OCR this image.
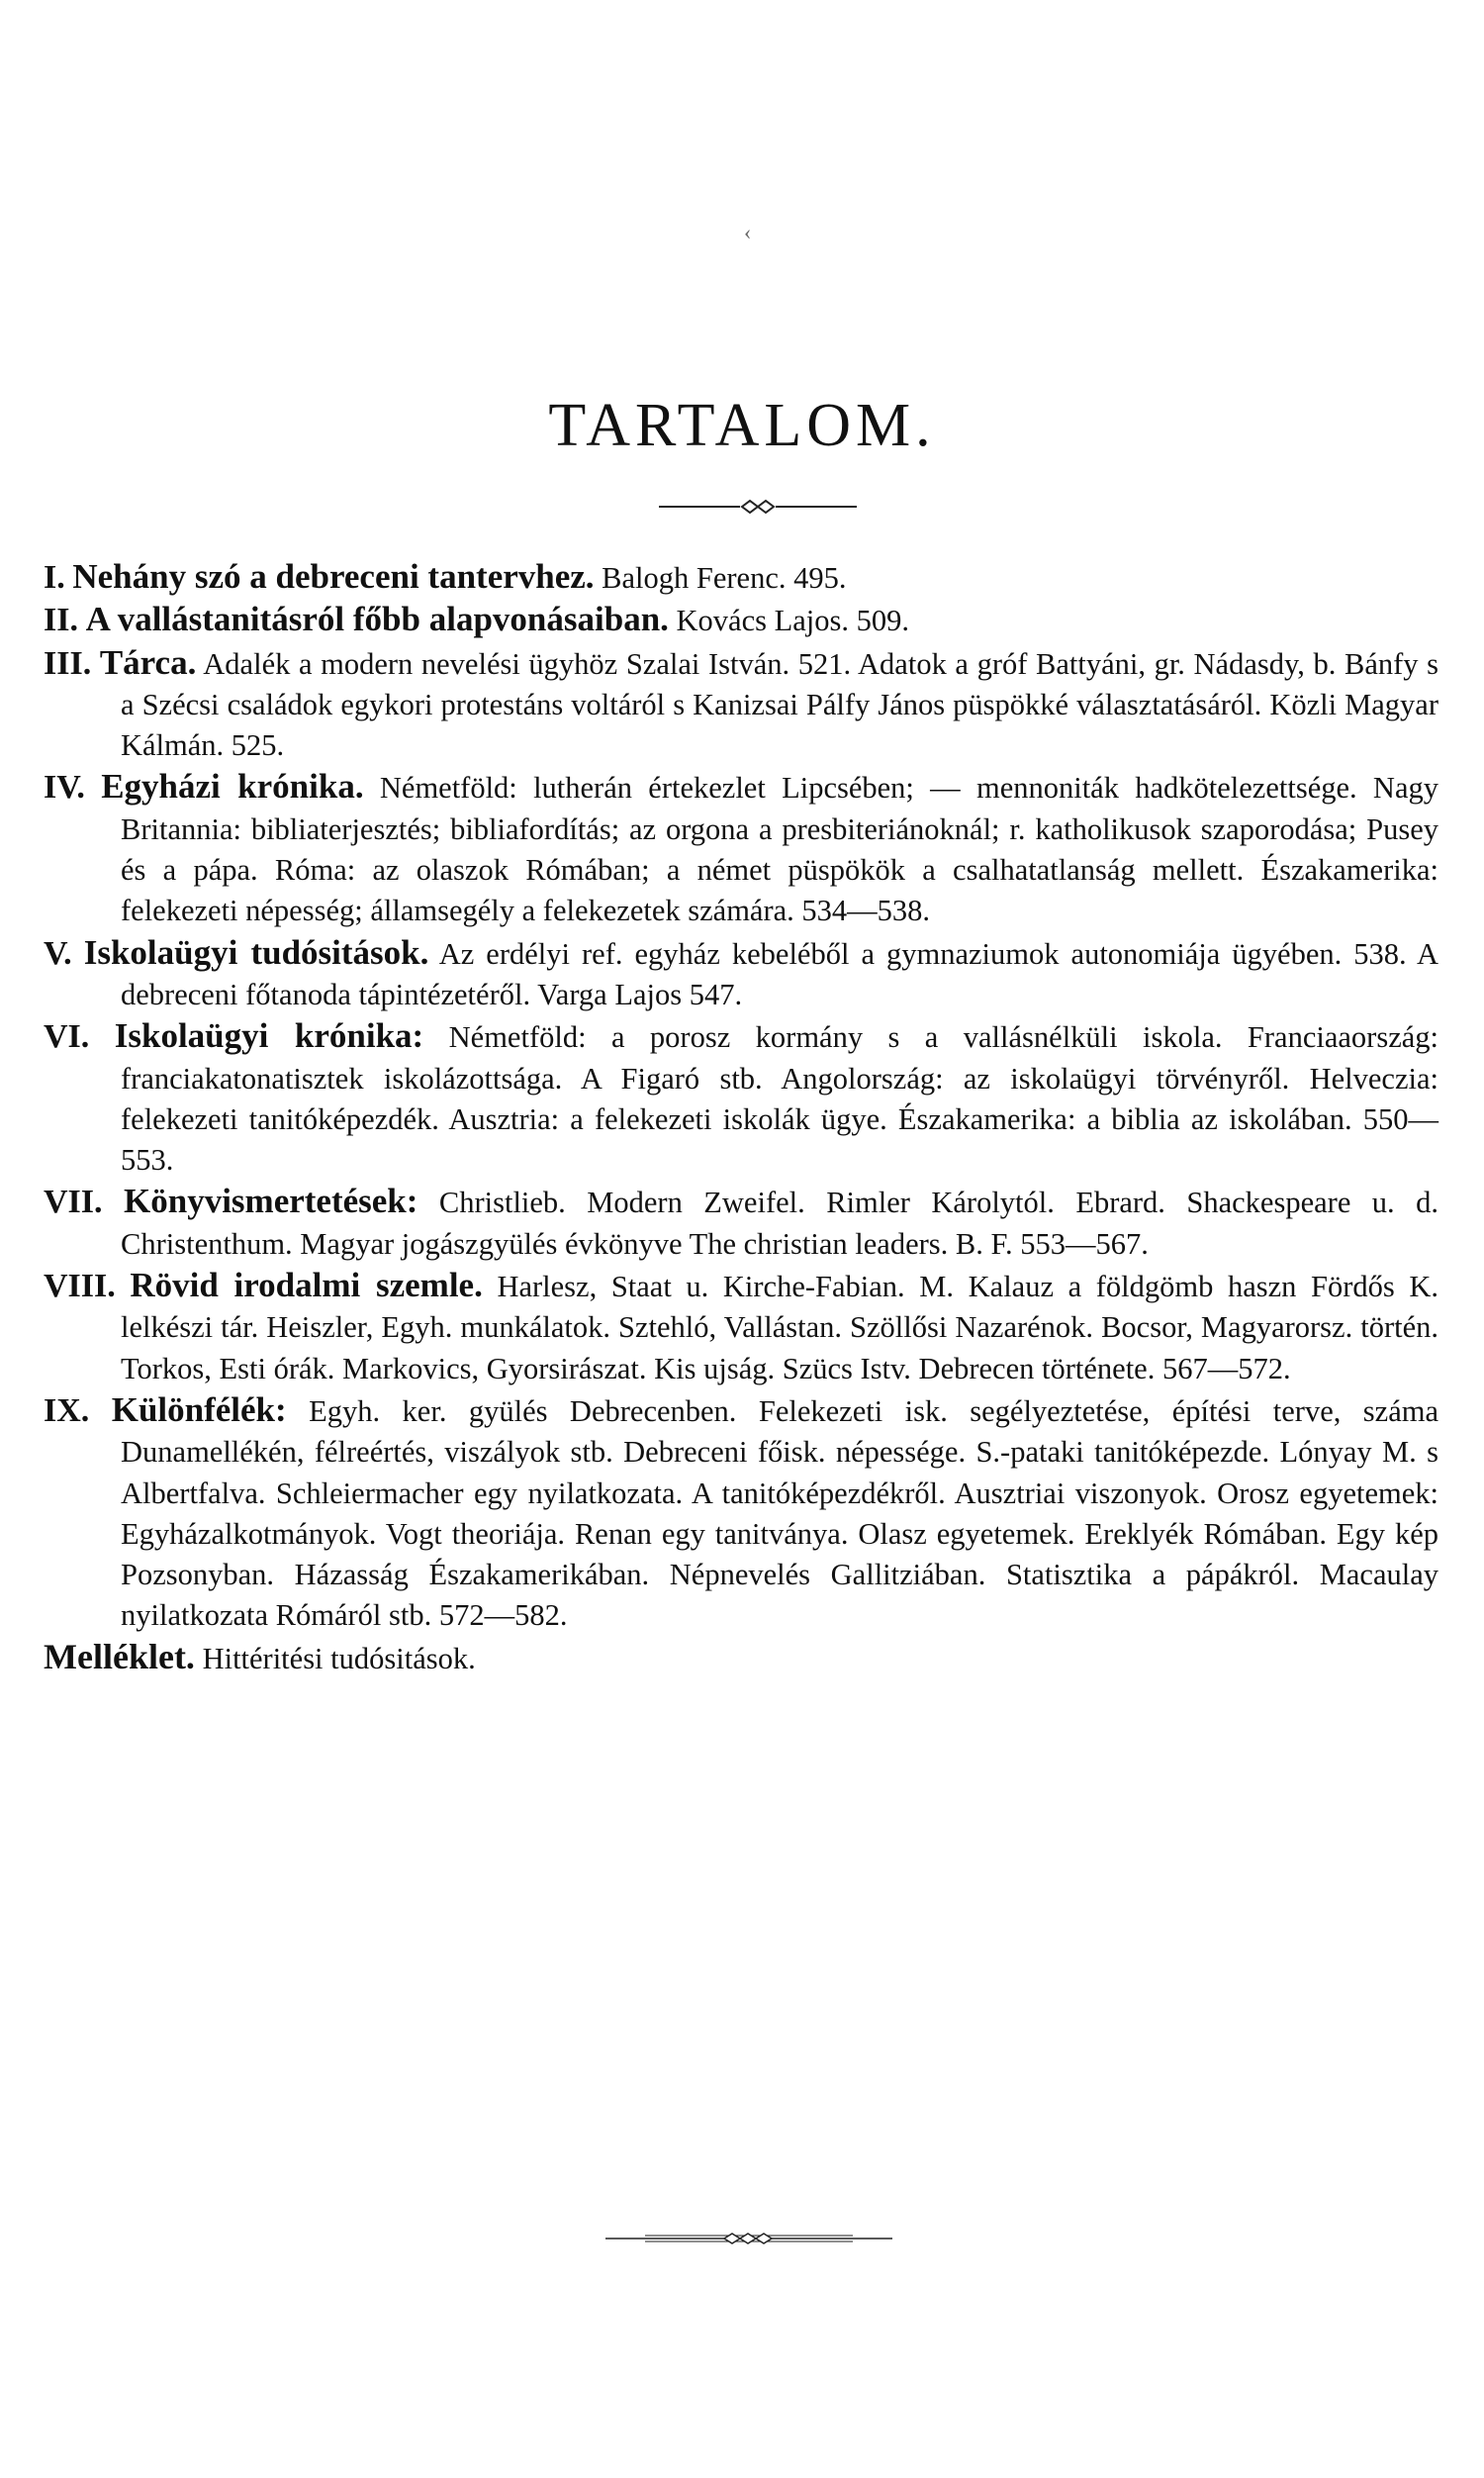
‹
TARTALOM.

I. Nehány szó a debreceni tantervhez. Balogh Ferenc. 495.

II. A vallástanitásról főbb alapvonásaiban. Kovács Lajos. 509.

III. Tárca. Adalék a modern nevelési ügyhöz Szalai István. 521. Adatok a gróf Battyáni, gr. Nádasdy, b. Bánfy s a Szécsi családok egykori protestáns voltáról s Kanizsai Pálfy János püspökké választatásáról. Közli Magyar Kálmán. 525.

IV. Egyházi krónika. Németföld: lutherán értekezlet Lipcsében; — mennoniták hadkötelezettsége. Nagy Britannia: bibliaterjesztés; bibliafordítás; az orgona a presbiteriánoknál; r. katholikusok szaporodása; Pusey és a pápa. Róma: az olaszok Rómában; a német püspökök a csalhatatlanság mellett. Északamerika: felekezeti népesség; államsegély a felekezetek számára. 534—538.

V. Iskolaügyi tudósitások. Az erdélyi ref. egyház kebeléből a gymnaziumok autonomiája ügyében. 538. A debreceni főtanoda tápintézetéről. Varga Lajos 547.

VI. Iskolaügyi krónika: Németföld: a porosz kormány s a vallásnélküli iskola. Franciaaország: franciakatonatisztek iskolázottsága. A Figaró stb. Angolország: az iskolaügyi törvényről. Helveczia: felekezeti tanitóképezdék. Ausztria: a felekezeti iskolák ügye. Északamerika: a biblia az iskolában. 550—553.

VII. Könyvismertetések: Christlieb. Modern Zweifel. Rimler Károlytól. Ebrard. Shackespeare u. d. Christenthum. Magyar jogászgyülés évkönyve The christian leaders. B. F. 553—567.

VIII. Rövid irodalmi szemle. Harlesz, Staat u. Kirche-Fabian. M. Kalauz a földgömb haszn Fördős K. lelkészi tár. Heiszler, Egyh. munkálatok. Sztehló, Vallástan. Szöllősi Nazarénok. Bocsor, Magyarorsz. történ. Torkos, Esti órák. Markovics, Gyorsirászat. Kis ujság. Szücs Istv. Debrecen története. 567—572.

IX. Különfélék: Egyh. ker. gyülés Debrecenben. Felekezeti isk. segélyeztetése, építési terve, száma Dunamellékén, félreértés, viszályok stb. Debreceni főisk. népessége. S.-pataki tanitóképezde. Lónyay M. s Albertfalva. Schleiermacher egy nyilatkozata. A tanitóképezdékről. Ausztriai viszonyok. Orosz egyetemek: Egyházalkotmányok. Vogt theoriája. Renan egy tanitványa. Olasz egyetemek. Ereklyék Rómában. Egy kép Pozsonyban. Házasság Északamerikában. Népnevelés Gallitziában. Statisztika a pápákról. Macaulay nyilatkozata Rómáról stb. 572—582.

Melléklet. Hittéritési tudósitások.
